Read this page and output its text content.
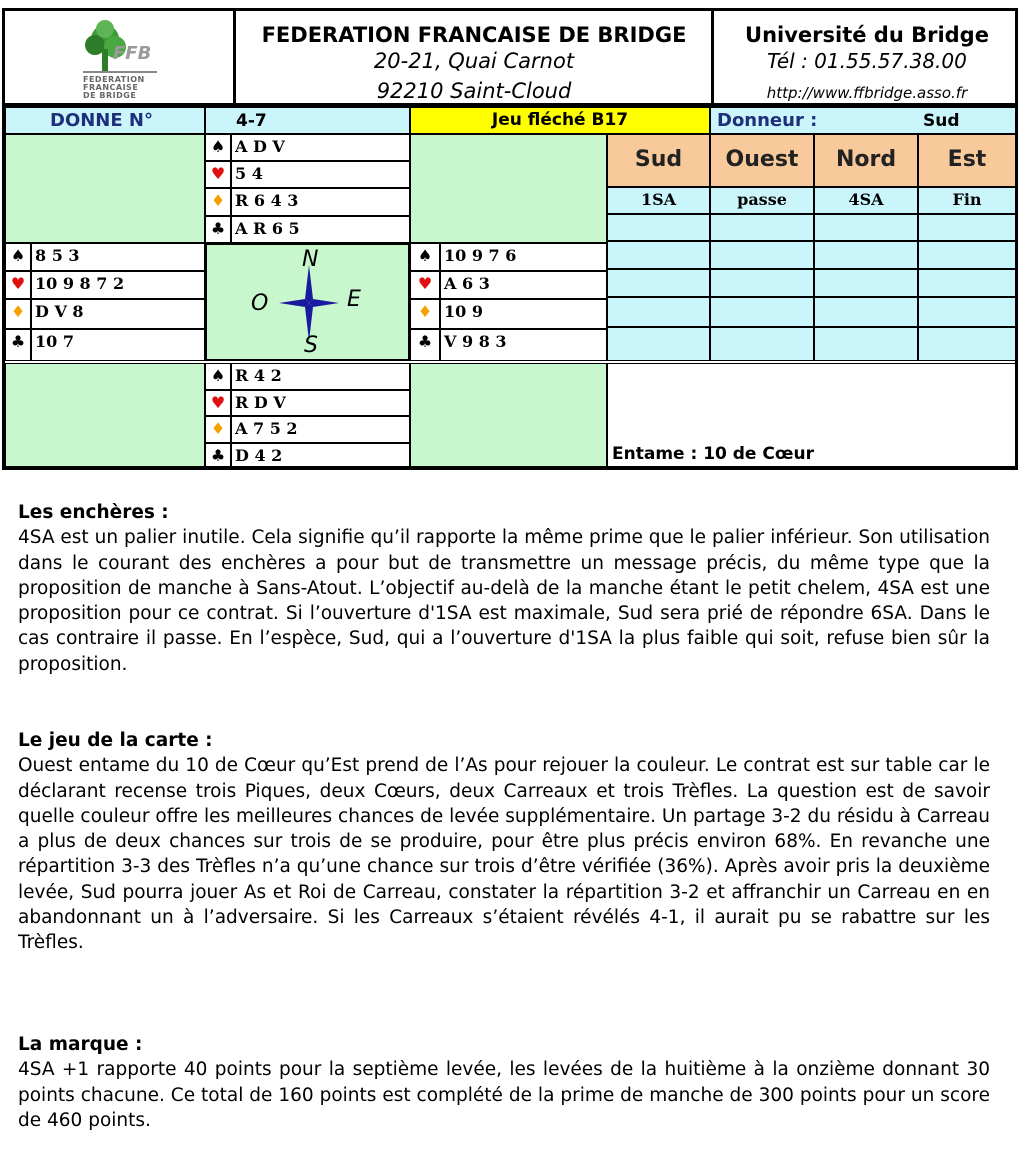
FFB
FEDERATION
FRANCAISE
DE BRIDGE
FEDERATION FRANCAISE DE BRIDGE
20-21, Quai Carnot
92210 Saint-Cloud
Université du Bridge
Tél : 01.55.57.38.00
http://www.ffbridge.asso.fr
DONNE N°	4-7	Jeu fléché B17	Donneur :	Sud
♠ A D V
♥ 5 4
♦ R 6 4 3
♣ A R 6 5
♠ 8 5 3
♥ 10 9 8 7 2
♦ D V 8
♣ 10 7
N
S
O	E
♠ 10 9 7 6
♥ A 6 3
♦ 10 9
♣ V 9 8 3
♠ R 4 2
♥ R D V
♦ A 7 5 2
♣ D 4 2
Sud	Ouest	Nord	Est
1SA	passe	4SA	Fin
Entame : 10 de Cœur
Les enchères :

4SA est un palier inutile. Cela signifie qu’il rapporte la même prime que le palier inférieur. Son utilisation dans le courant des enchères a pour but de transmettre un message précis, du même type que la proposition de manche à Sans-Atout. L’objectif au-delà de la manche étant le petit chelem, 4SA est une proposition pour ce contrat. Si l’ouverture d'1SA est maximale, Sud sera prié de répondre 6SA. Dans le cas contraire il passe. En l’espèce, Sud, qui a l’ouverture d'1SA la plus faible qui soit, refuse bien sûr la proposition.

Le jeu de la carte :

Ouest entame du 10 de Cœur qu’Est prend de l’As pour rejouer la couleur. Le contrat est sur table car le déclarant recense trois Piques, deux Cœurs, deux Carreaux et trois Trèfles. La question est de savoir quelle couleur offre les meilleures chances de levée supplémentaire. Un partage 3-2 du résidu à Carreau a plus de deux chances sur trois de se produire, pour être plus précis environ 68%. En revanche une répartition 3-3 des Trèfles n’a qu’une chance sur trois d’être vérifiée (36%). Après avoir pris la deuxième levée, Sud pourra jouer As et Roi de Carreau, constater la répartition 3-2 et affranchir un Carreau en en abandonnant un à l’adversaire. Si les Carreaux s’étaient révélés 4-1, il aurait pu se rabattre sur les Trèfles.

La marque :

4SA +1 rapporte 40 points pour la septième levée, les levées de la huitième à la onzième donnant 30 points chacune. Ce total de 160 points est complété de la prime de manche de 300 points pour un score de 460 points.
